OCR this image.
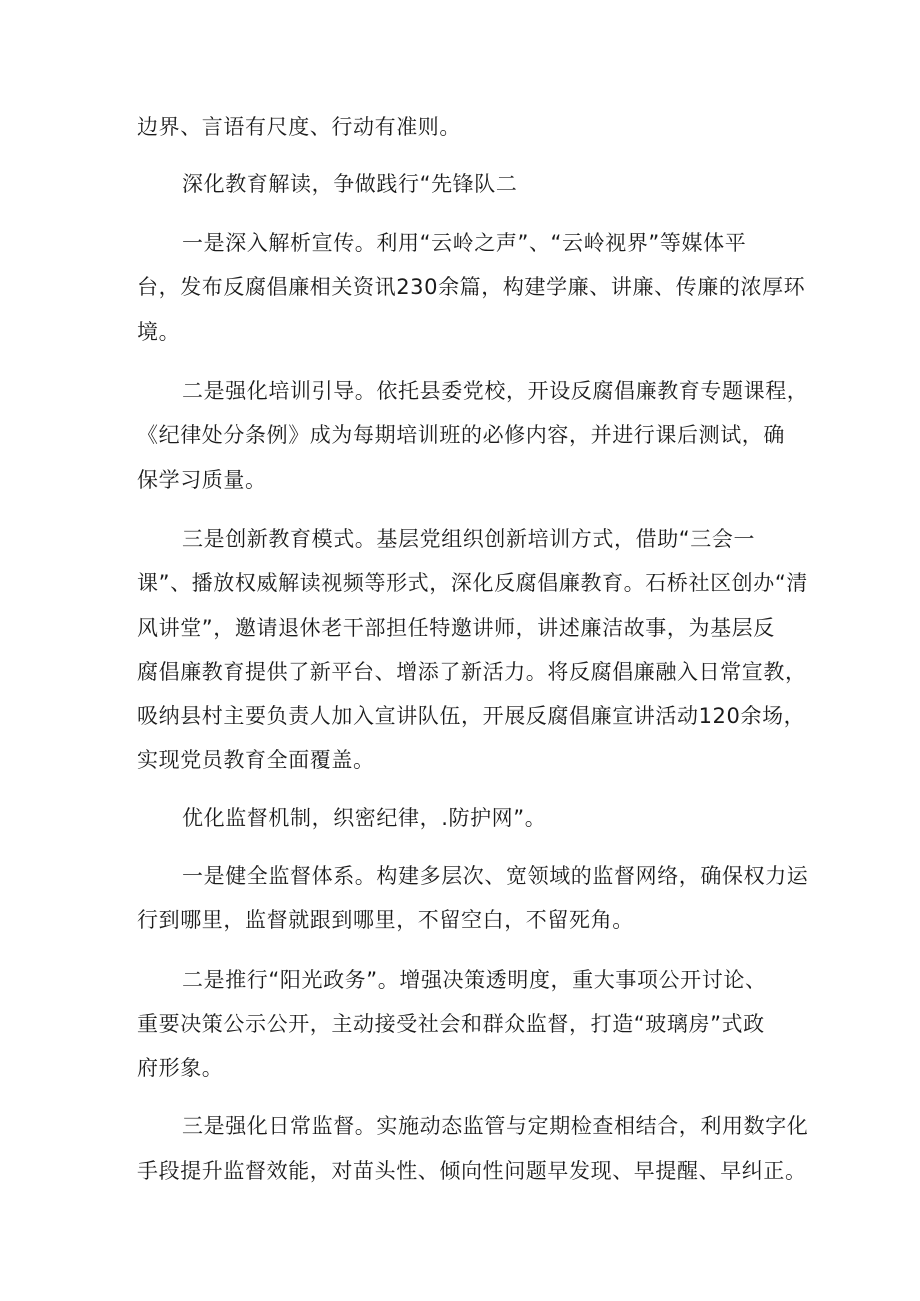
边界、言语有尺度、行动有准则。
深化教育解读，争做践行“先锋队二
一是深入解析宣传。利用“云岭之声”、“云岭视界”等媒体平
台，发布反腐倡廉相关资讯230余篇，构建学廉、讲廉、传廉的浓厚环
境。
二是强化培训引导。依托县委党校，开设反腐倡廉教育专题课程，
《纪律处分条例》成为每期培训班的必修内容，并进行课后测试，确
保学习质量。
三是创新教育模式。基层党组织创新培训方式，借助“三会一
课”、播放权威解读视频等形式，深化反腐倡廉教育。石桥社区创办“清
风讲堂”，邀请退休老干部担任特邀讲师，讲述廉洁故事，为基层反
腐倡廉教育提供了新平台、增添了新活力。将反腐倡廉融入日常宣教，
吸纳县村主要负责人加入宣讲队伍，开展反腐倡廉宣讲活动120余场，
实现党员教育全面覆盖。
优化监督机制，织密纪律，.防护网”。
一是健全监督体系。构建多层次、宽领域的监督网络，确保权力运
行到哪里，监督就跟到哪里，不留空白，不留死角。
二是推行“阳光政务”。增强决策透明度，重大事项公开讨论、
重要决策公示公开，主动接受社会和群众监督，打造“玻璃房”式政
府形象。
三是强化日常监督。实施动态监管与定期检查相结合，利用数字化
手段提升监督效能，对苗头性、倾向性问题早发现、早提醒、早纠正。
